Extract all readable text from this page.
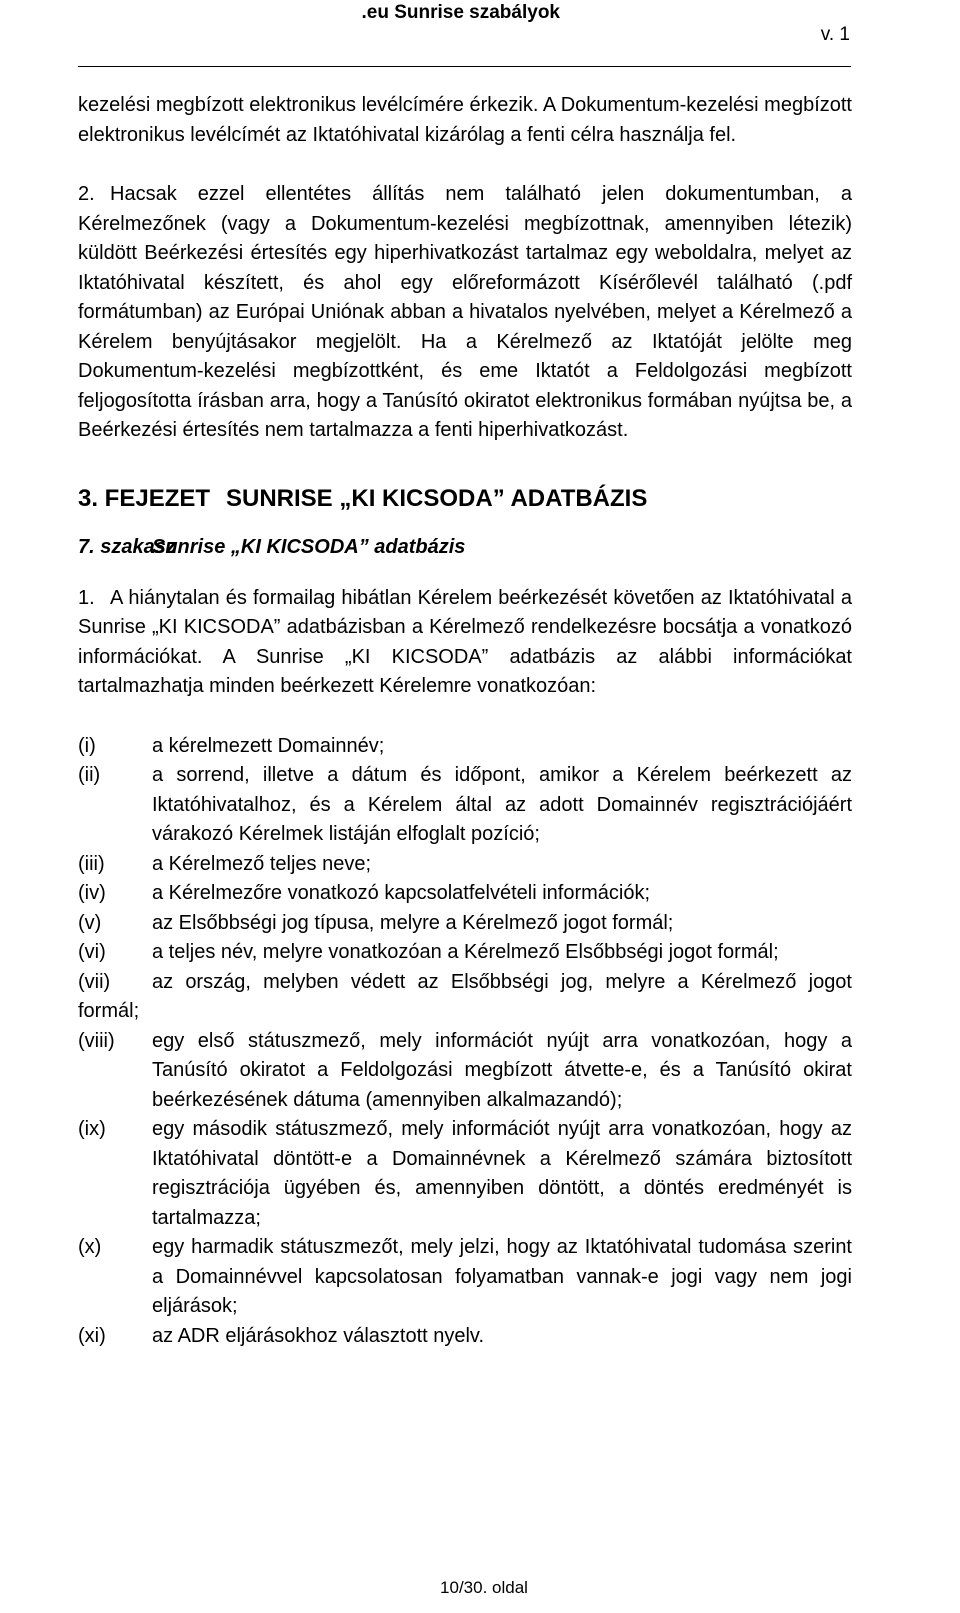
.eu Sunrise szabályok
v. 1

kezelési megbízott elektronikus levélcímére érkezik. A Dokumentum-kezelési megbízott elektronikus levélcímét az Iktatóhivatal kizárólag a fenti célra használja fel.

2. Hacsak ezzel ellentétes állítás nem található jelen dokumentumban, a Kérelmezőnek (vagy a Dokumentum-kezelési megbízottnak, amennyiben létezik) küldött Beérkezési értesítés egy hiperhivatkozást tartalmaz egy weboldalra, melyet az Iktatóhivatal készített, és ahol egy előreformázott Kísérőlevél található (.pdf formátumban) az Európai Uniónak abban a hivatalos nyelvében, melyet a Kérelmező a Kérelem benyújtásakor megjelölt. Ha a Kérelmező az Iktatóját jelölte meg Dokumentum-kezelési megbízottként, és eme Iktatót a Feldolgozási megbízott feljogosította írásban arra, hogy a Tanúsító okiratot elektronikus formában nyújtsa be, a Beérkezési értesítés nem tartalmazza a fenti hiperhivatkozást.

3. FEJEZET SUNRISE „KI KICSODA” ADATBÁZIS
7. szakaszSunrise „KI KICSODA” adatbázis

1. A hiánytalan és formailag hibátlan Kérelem beérkezését követően az Iktatóhivatal a Sunrise „KI KICSODA” adatbázisban a Kérelmező rendelkezésre bocsátja a vonatkozó információkat. A Sunrise „KI KICSODA” adatbázis az alábbi információkat tartalmazhatja minden beérkezett Kérelemre vonatkozóan:

(i)	a kérelmezett Domainnév;
(ii)	a sorrend, illetve a dátum és időpont, amikor a Kérelem beérkezett az Iktatóhivatalhoz, és a Kérelem által az adott Domainnév regisztrációjáért várakozó Kérelmek listáján elfoglalt pozíció;
(iii) a Kérelmező teljes neve;
(iv) a Kérelmezőre vonatkozó kapcsolatfelvételi információk;
(v)	az Elsőbbségi jog típusa, melyre a Kérelmező jogot formál;
(vi) a teljes név, melyre vonatkozóan a Kérelmező Elsőbbségi jogot formál;
(vii) az ország, melyben védett az Elsőbbségi jog, melyre a Kérelmező jogot formál;
(viii) egy első státuszmező, mely információt nyújt arra vonatkozóan, hogy a Tanúsító okiratot a Feldolgozási megbízott átvette-e, és a Tanúsító okirat beérkezésének dátuma (amennyiben alkalmazandó);
(ix) egy második státuszmező, mely információt nyújt arra vonatkozóan, hogy az Iktatóhivatal döntött-e a Domainnévnek a Kérelmező számára biztosított regisztrációja ügyében és, amennyiben döntött, a döntés eredményét is tartalmazza;
(x)	egy harmadik státuszmezőt, mely jelzi, hogy az Iktatóhivatal tudomása szerint a Domainnévvel kapcsolatosan folyamatban vannak-e jogi vagy nem jogi eljárások;
(xi) az ADR eljárásokhoz választott nyelv.
10/30. oldal
